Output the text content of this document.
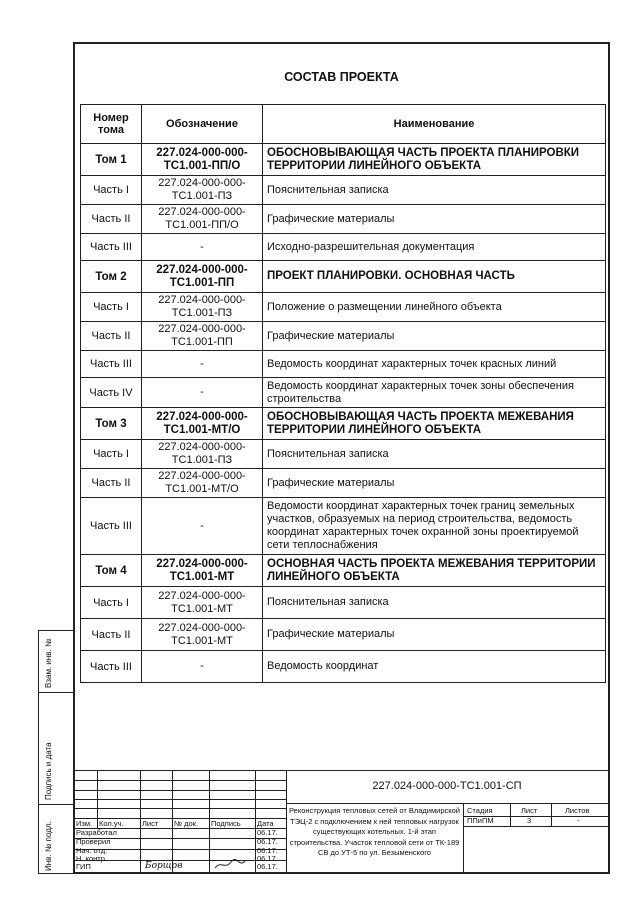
СОСТАВ ПРОЕКТА
Номер тома	Обозначение	Наименование
Том 1	227.024-000-000-ТС1.001-ПП/О	ОБОСНОВЫВАЮЩАЯ ЧАСТЬ ПРОЕКТА ПЛАНИРОВКИ ТЕРРИТОРИИ ЛИНЕЙНОГО ОБЪЕКТА
Часть I	227.024-000-000-ТС1.001-ПЗ	Пояснительная записка
Часть II	227.024-000-000-ТС1.001-ПП/О	Графические материалы
Часть III	-	Исходно-разрешительная документация
Том 2	227.024-000-000-ТС1.001-ПП	ПРОЕКТ ПЛАНИРОВКИ. ОСНОВНАЯ ЧАСТЬ
Часть I	227.024-000-000-ТС1.001-ПЗ	Положение о размещении линейного объекта
Часть II	227.024-000-000-ТС1.001-ПП	Графические материалы
Часть III	-	Ведомость координат характерных точек красных линий
Часть IV	-	Ведомость координат характерных точек зоны обеспечения строительства
Том 3	227.024-000-000-ТС1.001-МТ/О	ОБОСНОВЫВАЮЩАЯ ЧАСТЬ ПРОЕКТА МЕЖЕВАНИЯ ТЕРРИТОРИИ ЛИНЕЙНОГО ОБЪЕКТА
Часть I	227.024-000-000-ТС1.001-ПЗ	Пояснительная записка
Часть II	227.024-000-000-ТС1.001-МТ/О	Графические материалы
Часть III	-	Ведомости координат характерных точек границ земельных участков, образуемых на период строительства, ведомость координат характерных точек охранной зоны проектируемой сети теплоснабжения
Том 4	227.024-000-000-ТС1.001-МТ	ОСНОВНАЯ ЧАСТЬ ПРОЕКТА МЕЖЕВАНИЯ ТЕРРИТОРИИ ЛИНЕЙНОГО ОБЪЕКТА
Часть I	227.024-000-000-ТС1.001-МТ	Пояснительная записка
Часть II	227.024-000-000-ТС1.001-МТ	Графические материалы
Часть III	-	Ведомость координат
Взам. инв. №
Подпись и дата
Инв. № подл.
227.024-000-000-ТС1.001-СП
Изм. Кол.уч. Лист № док. Подпись Дата
Разработал	06.17.
Проверил	06.17.
Нач. отд.	06.17.
Н. контр.	06.17.
ГИП	06.17.
Борщов
Реконструкция тепловых сетей от Владимирской ТЭЦ-2 с подключением к ней тепловых нагрузок существующих котельных. 1-й этап строительства. Участок тепловой сети от ТК-189 СВ до УТ-5 по ул. Безыменского
Стадия	Лист	Листов
ППиПМ	3	-
